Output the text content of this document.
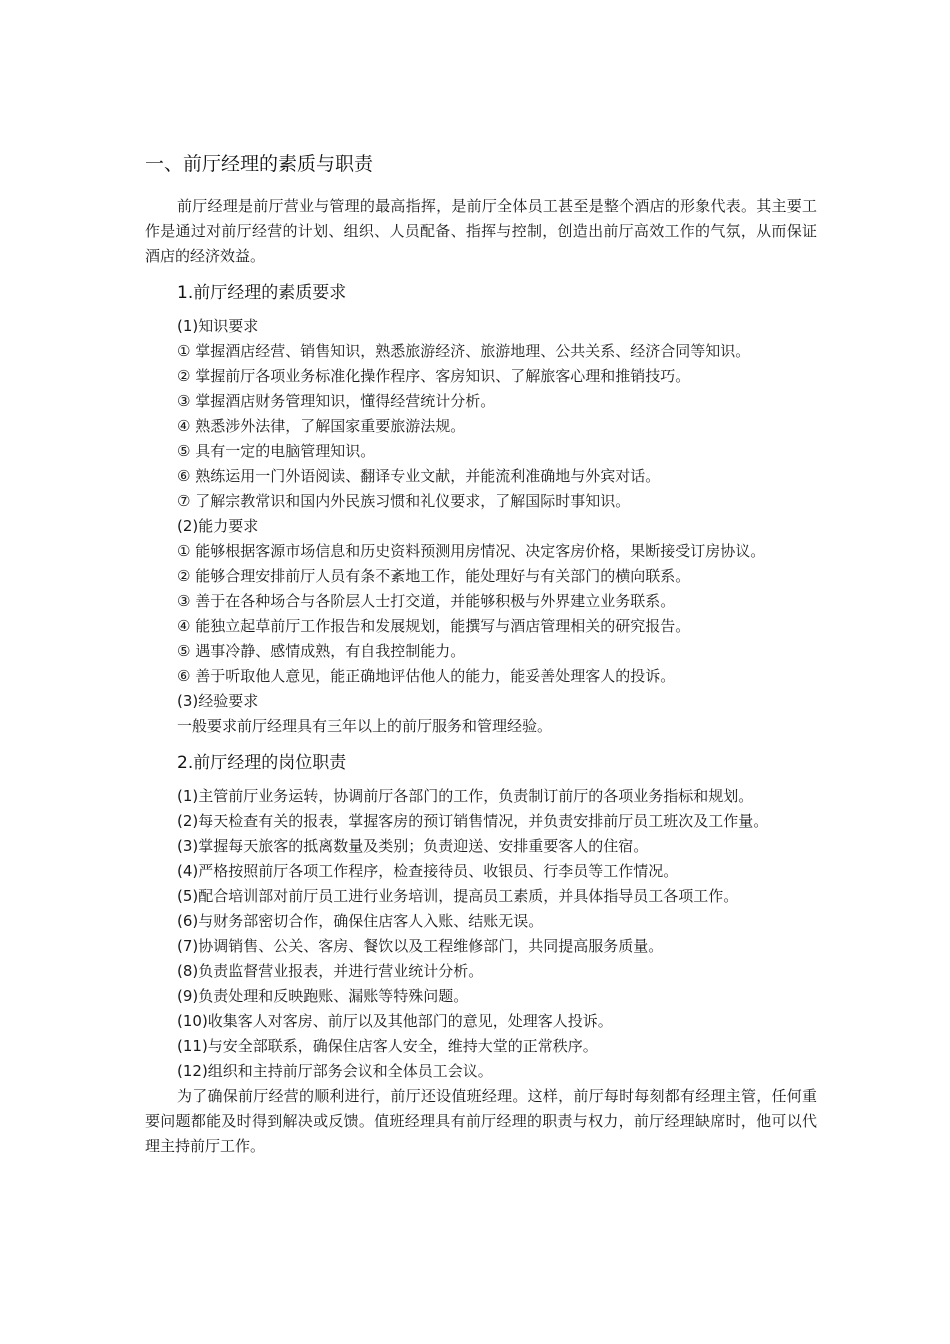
一、前厅经理的素质与职责

前厅经理是前厅营业与管理的最高指挥，是前厅全体员工甚至是整个酒店的形象代表。其主要工作是通过对前厅经营的计划、组织、人员配备、指挥与控制，创造出前厅高效工作的气氛，从而保证酒店的经济效益。

1.前厅经理的素质要求

(1)知识要求

① 掌握酒店经营、销售知识，熟悉旅游经济、旅游地理、公共关系、经济合同等知识。

② 掌握前厅各项业务标准化操作程序、客房知识、了解旅客心理和推销技巧。

③ 掌握酒店财务管理知识，懂得经营统计分析。

④ 熟悉涉外法律，了解国家重要旅游法规。

⑤ 具有一定的电脑管理知识。

⑥ 熟练运用一门外语阅读、翻译专业文献，并能流利准确地与外宾对话。

⑦ 了解宗教常识和国内外民族习惯和礼仪要求，了解国际时事知识。

(2)能力要求

① 能够根据客源市场信息和历史资料预测用房情况、决定客房价格，果断接受订房协议。

② 能够合理安排前厅人员有条不紊地工作，能处理好与有关部门的横向联系。

③ 善于在各种场合与各阶层人士打交道，并能够积极与外界建立业务联系。

④ 能独立起草前厅工作报告和发展规划，能撰写与酒店管理相关的研究报告。

⑤ 遇事冷静、感情成熟，有自我控制能力。

⑥ 善于听取他人意见，能正确地评估他人的能力，能妥善处理客人的投诉。

(3)经验要求

一般要求前厅经理具有三年以上的前厅服务和管理经验。

2.前厅经理的岗位职责

(1)主管前厅业务运转，协调前厅各部门的工作，负责制订前厅的各项业务指标和规划。

(2)每天检查有关的报表，掌握客房的预订销售情况，并负责安排前厅员工班次及工作量。

(3)掌握每天旅客的抵离数量及类别；负责迎送、安排重要客人的住宿。

(4)严格按照前厅各项工作程序，检查接待员、收银员、行李员等工作情况。

(5)配合培训部对前厅员工进行业务培训，提高员工素质，并具体指导员工各项工作。

(6)与财务部密切合作，确保住店客人入账、结账无误。

(7)协调销售、公关、客房、餐饮以及工程维修部门，共同提高服务质量。

(8)负责监督营业报表，并进行营业统计分析。

(9)负责处理和反映跑账、漏账等特殊问题。

(10)收集客人对客房、前厅以及其他部门的意见，处理客人投诉。

(11)与安全部联系，确保住店客人安全，维持大堂的正常秩序。

(12)组织和主持前厅部务会议和全体员工会议。

为了确保前厅经营的顺利进行，前厅还设值班经理。这样，前厅每时每刻都有经理主管，任何重要问题都能及时得到解决或反馈。值班经理具有前厅经理的职责与权力，前厅经理缺席时，他可以代理主持前厅工作。
